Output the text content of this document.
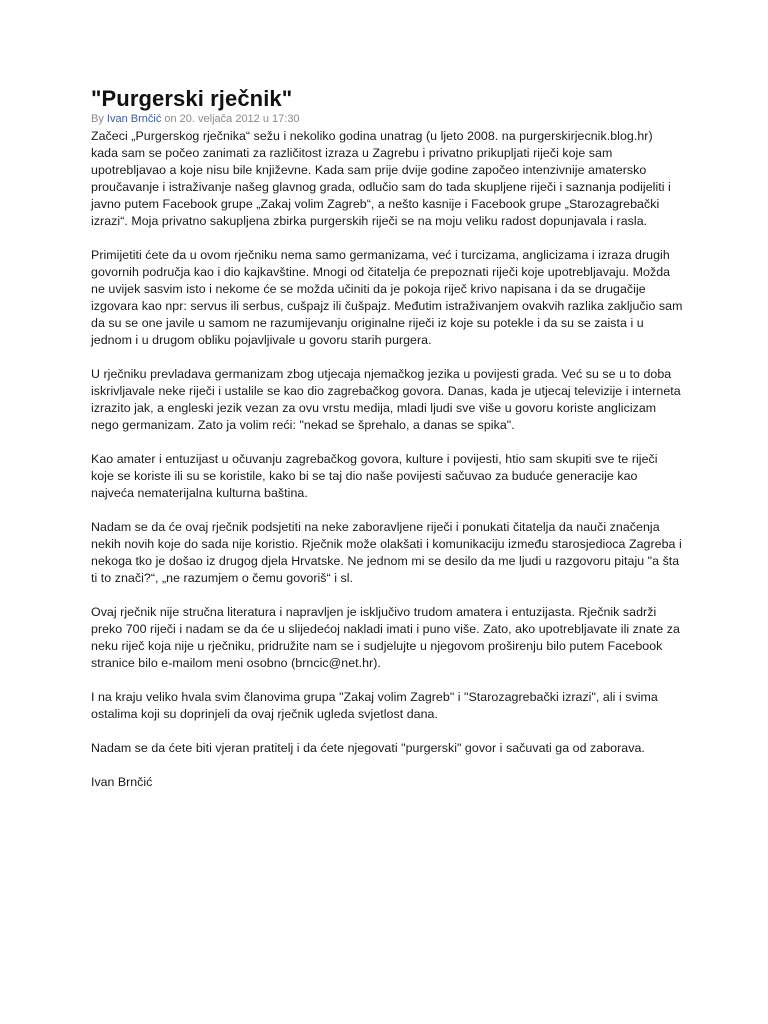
"Purgerski rječnik"
By Ivan Brnčić on 20. veljača 2012 u 17:30

Začeci „Purgerskog rječnika“ sežu i nekoliko godina unatrag (u ljeto 2008. na purgerskirjecnik.blog.hr) kada sam se počeo zanimati za različitost izraza u Zagrebu i privatno prikupljati riječi koje sam upotrebljavao a koje nisu bile književne. Kada sam prije dvije godine započeo intenzivnije amatersko proučavanje i istraživanje našeg glavnog grada, odlučio sam do tada skupljene riječi i saznanja podijeliti i javno putem Facebook grupe „Zakaj volim Zagreb“, a nešto kasnije i Facebook grupe „Starozagrebački izrazi“. Moja privatno sakupljena zbirka purgerskih riječi se na moju veliku radost dopunjavala i rasla.

Primijetiti ćete da u ovom rječniku nema samo germanizama, već i turcizama, anglicizama i izraza drugih govornih područja kao i dio kajkavštine. Mnogi od čitatelja će prepoznati riječi koje upotrebljavaju. Možda ne uvijek sasvim isto i nekome će se možda učiniti da je pokoja riječ krivo napisana i da se drugačije izgovara kao npr: servus ili serbus, cušpajz ili čušpajz. Međutim istraživanjem ovakvih razlika zaključio sam da su se one javile u samom ne razumijevanju originalne riječi iz koje su potekle i da su se zaista i u jednom i u drugom obliku pojavljivale u govoru starih purgera.

U rječniku prevladava germanizam zbog utjecaja njemačkog jezika u povijesti grada. Već su se u to doba iskrivljavale neke riječi i ustalile se kao dio zagrebačkog govora. Danas, kada je utjecaj televizije i interneta izrazito jak, a engleski jezik vezan za ovu vrstu medija, mladi ljudi sve više u govoru koriste anglicizam nego germanizam. Zato ja volim reći: "nekad se šprehalo, a danas se spika".

Kao amater i entuzijast u očuvanju zagrebačkog govora, kulture i povijesti, htio sam skupiti sve te riječi koje se koriste ili su se koristile, kako bi se taj dio naše povijesti sačuvao za buduće generacije kao najveća nematerijalna kulturna baština.

Nadam se da će ovaj rječnik podsjetiti na neke zaboravljene riječi i ponukati čitatelja da nauči značenja nekih novih koje do sada nije koristio. Rječnik može olakšati i komunikaciju između starosjedioca Zagreba i nekoga tko je došao iz drugog djela Hrvatske. Ne jednom mi se desilo da me ljudi u razgovoru pitaju "a šta ti to znači?“, „ne razumjem o čemu govoriš“ i sl.

Ovaj rječnik nije stručna literatura i napravljen je isključivo trudom amatera i entuzijasta. Rječnik sadrži preko 700 riječi i nadam se da će u slijedećoj nakladi imati i puno više. Zato, ako upotrebljavate ili znate za neku riječ koja nije u rječniku, pridružite nam se i sudjelujte u njegovom proširenju bilo putem Facebook stranice bilo e-mailom meni osobno (brncic@net.hr).

I na kraju veliko hvala svim članovima grupa "Zakaj volim Zagreb" i "Starozagrebački izrazi", ali i svima ostalima koji su doprinjeli da ovaj rječnik ugleda svjetlost dana.

Nadam se da ćete biti vjeran pratitelj i da ćete njegovati "purgerski" govor i sačuvati ga od zaborava.

Ivan Brnčić
